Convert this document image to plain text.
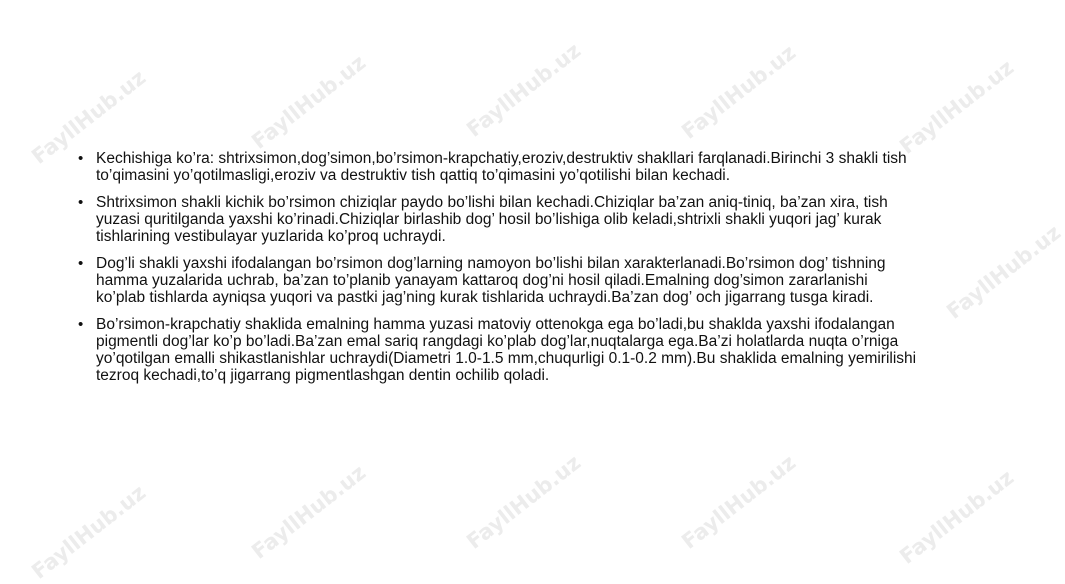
FayllHub.uz	FayllHub.uz	FayllHub.uz	FayllHub.uz	FayllHub.uz
FayllHub.uz	FayllHub.uz	FayllHub.uz	FayllHub.uz	FayllHub.uz
FayllHub.uz
• Kechishiga ko’ra: shtrixsimon,dog’simon,bo’rsimon-krapchatiy,eroziv,destruktiv shakllari farqlanadi.Birinchi 3 shakli tish to’qimasini yo’qotilmasligi,eroziv va destruktiv tish qattiq to’qimasini yo’qotilishi bilan kechadi.
• Shtrixsimon shakli kichik bo’rsimon chiziqlar paydo bo’lishi bilan kechadi.Chiziqlar ba’zan aniq-tiniq, ba’zan xira, tish yuzasi quritilganda yaxshi ko’rinadi.Chiziqlar birlashib dog’ hosil bo’lishiga olib keladi,shtrixli shakli yuqori jag’ kurak tishlarining vestibulayar yuzlarida ko’proq uchraydi.
• Dog’li shakli yaxshi ifodalangan bo’rsimon dog’larning namoyon bo’lishi bilan xarakterlanadi.Bo’rsimon dog’ tishning hamma yuzalarida uchrab, ba’zan to’planib yanayam kattaroq dog’ni hosil qiladi.Emalning dog’simon zararlanishi ko’plab tishlarda ayniqsa yuqori va pastki jag’ning kurak tishlarida uchraydi.Ba’zan dog’ och jigarrang tusga kiradi.
• Bo’rsimon-krapchatiy shaklida emalning hamma yuzasi matoviy ottenokga ega bo’ladi,bu shaklda yaxshi ifodalangan pigmentli dog’lar ko’p bo’ladi.Ba’zan emal sariq rangdagi ko’plab dog’lar,nuqtalarga ega.Ba’zi holatlarda nuqta o’rniga yo’qotilgan emalli shikastlanishlar uchraydi(Diametri 1.0-1.5 mm,chuqurligi 0.1-0.2 mm).Bu shaklida emalning yemirilishi tezroq kechadi,to’q jigarrang pigmentlashgan dentin ochilib qoladi.
